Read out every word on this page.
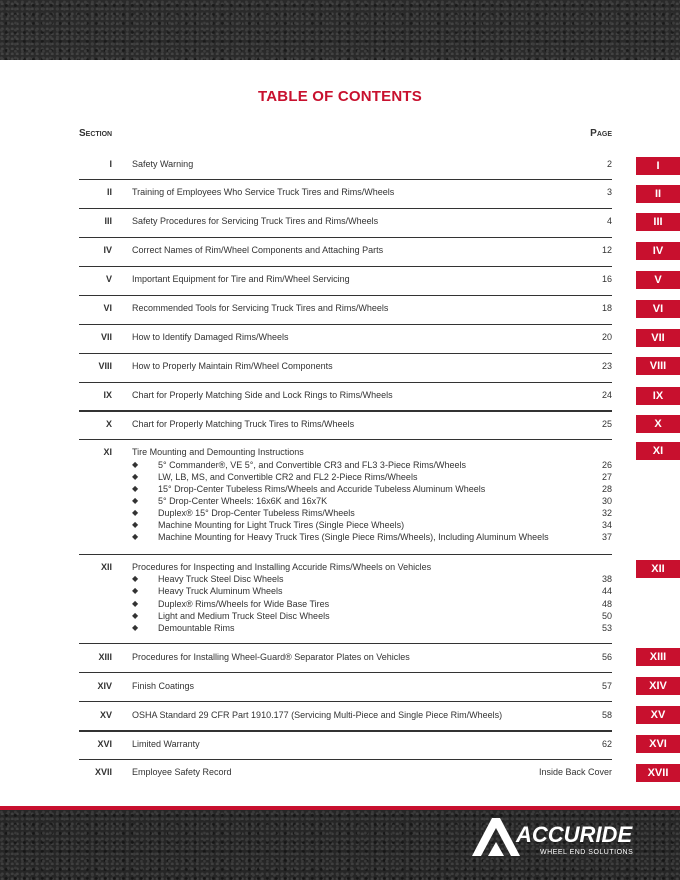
TABLE OF CONTENTS
Section	Page
I Safety Warning	2
II Training of Employees Who Service Truck Tires and Rims/Wheels	3
III Safety Procedures for Servicing Truck Tires and Rims/Wheels	4
IV Correct Names of Rim/Wheel Components and Attaching Parts	12
V Important Equipment for Tire and Rim/Wheel Servicing	16
VI Recommended Tools for Servicing Truck Tires and Rims/Wheels	18
VII How to Identify Damaged Rims/Wheels	20
VIII How to Properly Maintain Rim/Wheel Components	23
IX Chart for Properly Matching Side and Lock Rings to Rims/Wheels	24
X Chart for Properly Matching Truck Tires to Rims/Wheels	25
XI Tire Mounting and Demounting Instructions
◆ 5° Commander®, VE 5°, and Convertible CR3 and FL3 3-Piece Rims/Wheels	26
◆ LW, LB, MS, and Convertible CR2 and FL2 2-Piece Rims/Wheels	27
◆ 15° Drop-Center Tubeless Rims/Wheels and Accuride Tubeless Aluminum Wheels	28
◆ 5° Drop-Center Wheels: 16x6K and 16x7K	30
◆ Duplex® 15° Drop-Center Tubeless Rims/Wheels	32
◆ Machine Mounting for Light Truck Tires (Single Piece Wheels)	34
◆ Machine Mounting for Heavy Truck Tires (Single Piece Rims/Wheels), Including Aluminum Wheels	37
XII Procedures for Inspecting and Installing Accuride Rims/Wheels on Vehicles
◆ Heavy Truck Steel Disc Wheels	38
◆ Heavy Truck Aluminum Wheels	44
◆ Duplex® Rims/Wheels for Wide Base Tires	48
◆ Light and Medium Truck Steel Disc Wheels	50
◆ Demountable Rims	53
XIII Procedures for Installing Wheel-Guard® Separator Plates on Vehicles	56
XIV Finish Coatings	57
XV OSHA Standard 29 CFR Part 1910.177 (Servicing Multi-Piece and Single Piece Rim/Wheels)	58
XVI Limited Warranty	62
XVII Employee Safety Record	Inside Back Cover
I
II
III
IV
V
VI
VII
VIII
IX
X
XI
XII
XIII
XIV
XV
XVI
XVII
ACCURIDE
WHEEL END SOLUTIONS
